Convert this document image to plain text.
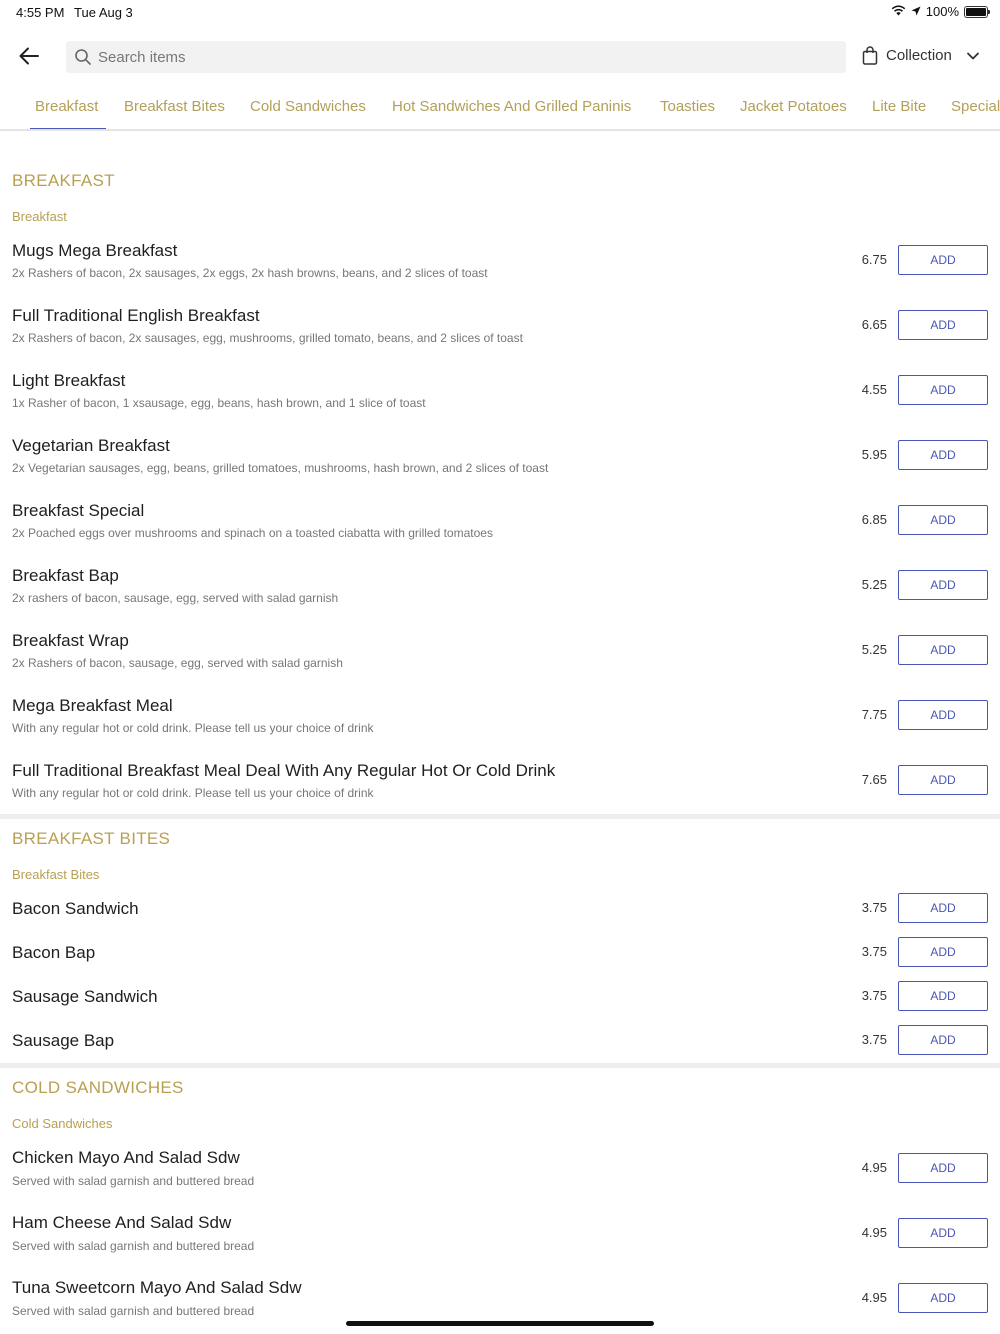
4:55 PM Tue Aug 3	100%
Search items
Collection
Breakfast Breakfast Bites Cold Sandwiches Hot Sandwiches And Grilled Paninis Toasties Jacket Potatoes Lite Bite Special
BREAKFAST
Breakfast
Mugs Mega Breakfast
2x Rashers of bacon, 2x sausages, 2x eggs, 2x hash browns, beans, and 2 slices of toast
6.75	ADD
Full Traditional English Breakfast
2x Rashers of bacon, 2x sausages, egg, mushrooms, grilled tomato, beans, and 2 slices of toast
6.65	ADD
Light Breakfast
1x Rasher of bacon, 1 xsausage, egg, beans, hash brown, and 1 slice of toast
4.55	ADD
Vegetarian Breakfast
2x Vegetarian sausages, egg, beans, grilled tomatoes, mushrooms, hash brown, and 2 slices of toast
5.95	ADD
Breakfast Special
2x Poached eggs over mushrooms and spinach on a toasted ciabatta with grilled tomatoes
6.85	ADD
Breakfast Bap
2x rashers of bacon, sausage, egg, served with salad garnish
5.25	ADD
Breakfast Wrap
2x Rashers of bacon, sausage, egg, served with salad garnish
5.25	ADD
Mega Breakfast Meal
With any regular hot or cold drink. Please tell us your choice of drink
7.75	ADD
Full Traditional Breakfast Meal Deal With Any Regular Hot Or Cold Drink
With any regular hot or cold drink. Please tell us your choice of drink
7.65	ADD
BREAKFAST BITES
Breakfast Bites
Bacon Sandwich	3.75	ADD
Bacon Bap	3.75	ADD
Sausage Sandwich	3.75	ADD
Sausage Bap	3.75	ADD
COLD SANDWICHES
Cold Sandwiches
Chicken Mayo And Salad Sdw
Served with salad garnish and buttered bread
4.95	ADD
Ham Cheese And Salad Sdw
Served with salad garnish and buttered bread
4.95	ADD
Tuna Sweetcorn Mayo And Salad Sdw
Served with salad garnish and buttered bread
4.95	ADD
